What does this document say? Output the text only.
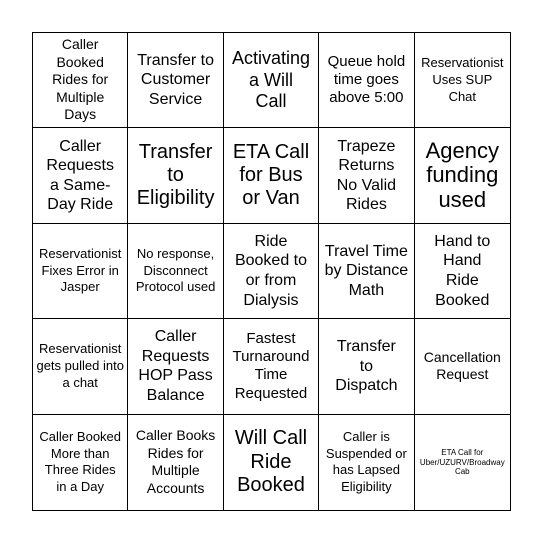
Caller Booked Rides for Multiple Days
Transfer to Customer Service
Activating a Will Call
Queue hold time goes above 5:00
Reservationist Uses SUP Chat
Caller Requests a Same-Day Ride
Transfer to Eligibility
ETA Call for Bus or Van
Trapeze Returns No Valid Rides
Agency funding used
Reservationist Fixes Error in Jasper
No response, Disconnect Protocol used
Ride Booked to or from Dialysis
Travel Time by Distance Math
Hand to Hand Ride Booked
Reservationist gets pulled into a chat
Caller Requests HOP Pass Balance
Fastest Turnaround Time Requested
Transfer to Dispatch
Cancellation Request
Caller Booked More than Three Rides in a Day
Caller Books Rides for Multiple Accounts
Will Call Ride Booked
Caller is Suspended or has Lapsed Eligibility
ETA Call for Uber/UZURV/Broadway Cab
